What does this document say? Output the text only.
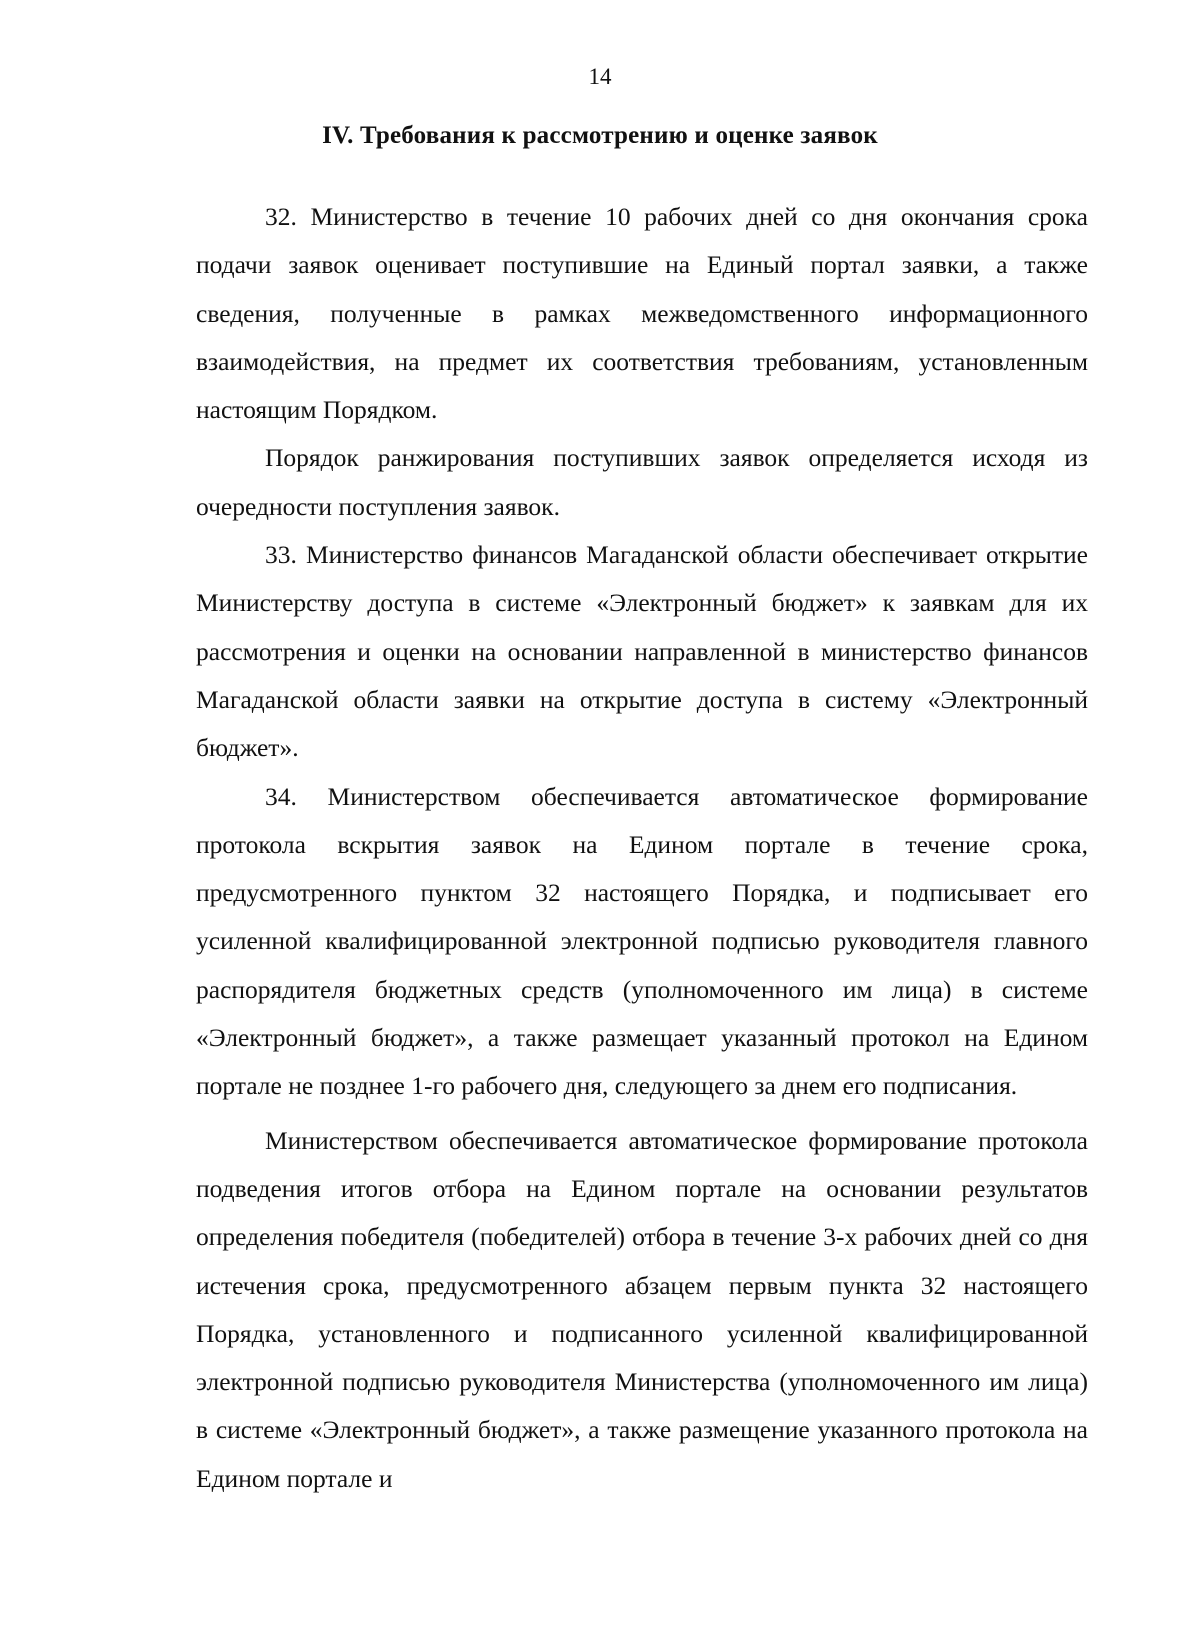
14
IV. Требования к рассмотрению и оценке заявок

32. Министерство в течение 10 рабочих дней со дня окончания срока подачи заявок оценивает поступившие на Единый портал заявки, а также сведения, полученные в рамках межведомственного информационного взаимодействия, на предмет их соответствия требованиям, установленным настоящим Порядком.

Порядок ранжирования поступивших заявок определяется исходя из очередности поступления заявок.

33. Министерство финансов Магаданской области обеспечивает открытие Министерству доступа в системе «Электронный бюджет» к заявкам для их рассмотрения и оценки на основании направленной в министерство финансов Магаданской области заявки на открытие доступа в систему «Электронный бюджет».

34. Министерством обеспечивается автоматическое формирование протокола вскрытия заявок на Едином портале в течение срока, предусмотренного пунктом 32 настоящего Порядка, и подписывает его усиленной квалифицированной электронной подписью руководителя главного распорядителя бюджетных средств (уполномоченного им лица) в системе «Электронный бюджет», а также размещает указанный протокол на Едином портале не позднее 1-го рабочего дня, следующего за днем его подписания.

Министерством обеспечивается автоматическое формирование протокола подведения итогов отбора на Едином портале на основании результатов определения победителя (победителей) отбора в течение 3-х рабочих дней со дня истечения срока, предусмотренного абзацем первым пункта 32 настоящего Порядка, установленного и подписанного усиленной квалифицированной электронной подписью руководителя Министерства (уполномоченного им лица) в системе «Электронный бюджет», а также размещение указанного протокола на Едином портале и
